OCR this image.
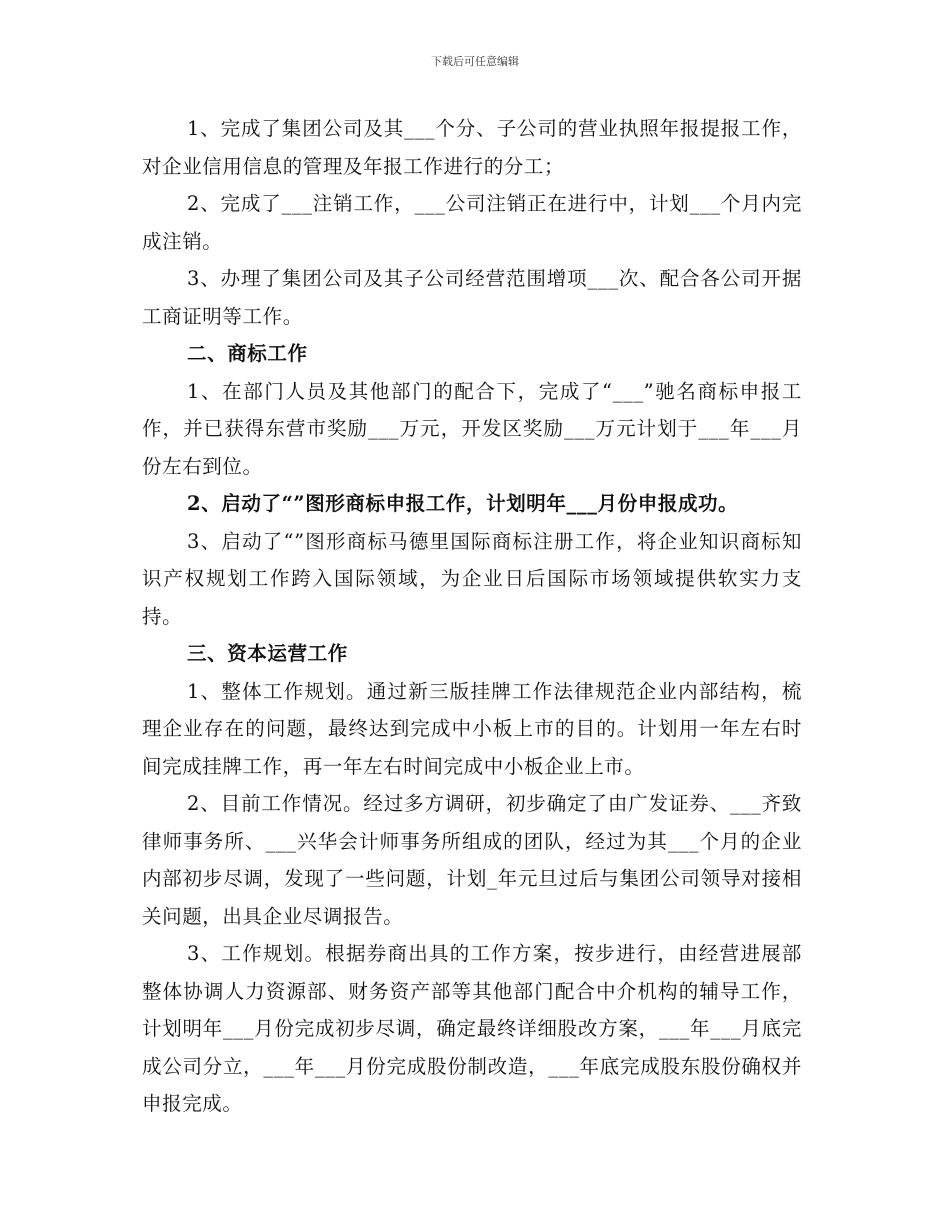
下载后可任意编辑

1、完成了集团公司及其___个分、子公司的营业执照年报提报工作，对企业信用信息的管理及年报工作进行的分工；

2、完成了___注销工作，___公司注销正在进行中，计划___个月内完成注销。

3、办理了集团公司及其子公司经营范围增项___次、配合各公司开据工商证明等工作。

二、商标工作

1、在部门人员及其他部门的配合下，完成了“___”驰名商标申报工作，并已获得东营市奖励___万元，开发区奖励___万元计划于___年___月份左右到位。

2、启动了“”图形商标申报工作，计划明年___月份申报成功。

3、启动了“”图形商标马德里国际商标注册工作，将企业知识商标知识产权规划工作跨入国际领域，为企业日后国际市场领域提供软实力支持。

三、资本运营工作

1、整体工作规划。通过新三版挂牌工作法律规范企业内部结构，梳理企业存在的问题，最终达到完成中小板上市的目的。计划用一年左右时间完成挂牌工作，再一年左右时间完成中小板企业上市。

2、目前工作情况。经过多方调研，初步确定了由广发证券、___齐致律师事务所、___兴华会计师事务所组成的团队，经过为其___个月的企业内部初步尽调，发现了一些问题，计划_年元旦过后与集团公司领导对接相关问题，出具企业尽调报告。

3、工作规划。根据券商出具的工作方案，按步进行，由经营进展部整体协调人力资源部、财务资产部等其他部门配合中介机构的辅导工作，计划明年___月份完成初步尽调，确定最终详细股改方案，___年___月底完成公司分立，___年___月份完成股份制改造，___年底完成股东股份确权并申报完成。
